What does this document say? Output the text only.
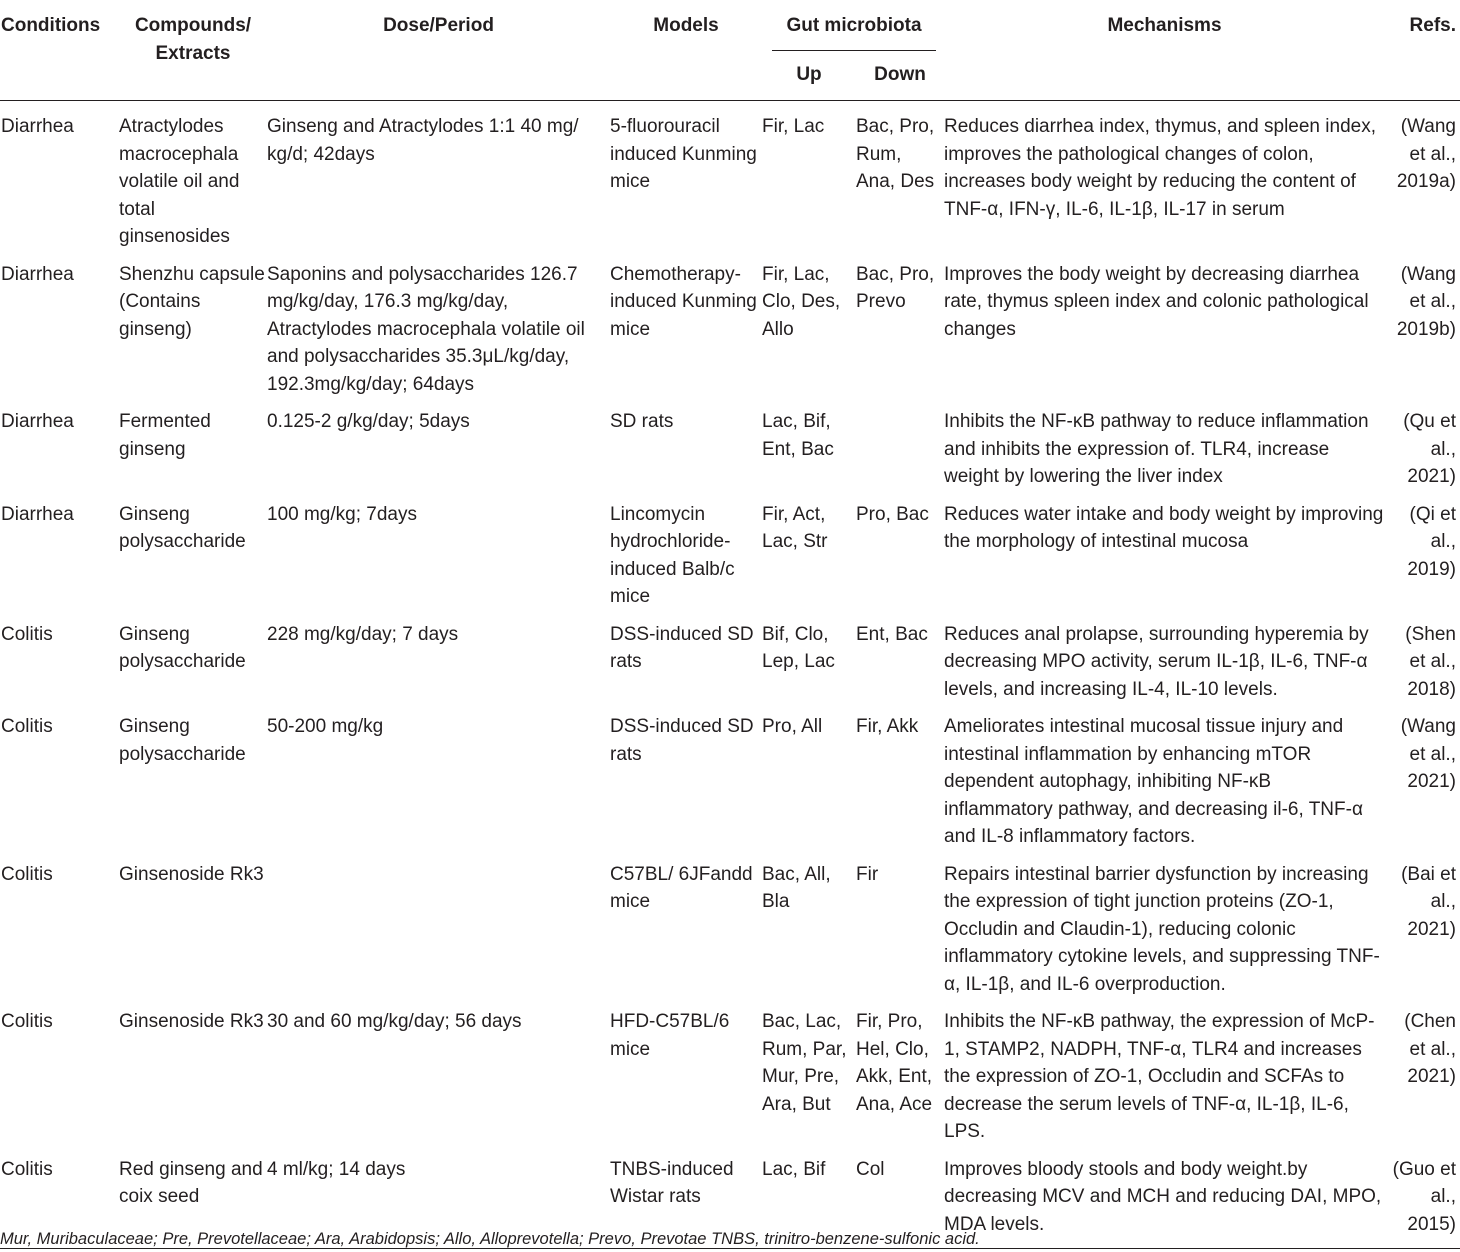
Conditions	Compounds/ Extracts	Dose/Period	Models	Gut microbiota		Mechanisms	Refs.
				Up	Down		
Diarrhea	Atractylodes macrocephala volatile oil and total ginsenosides	Ginseng and Atractylodes 1:1 40 mg/ kg/d; 42days	5-fluorouracil induced Kunming mice	Fir, Lac	Bac, Pro, Rum, Ana, Des	Reduces diarrhea index, thymus, and spleen index, improves the pathological changes of colon, increases body weight by reducing the content of TNF-α, IFN-γ, IL-6, IL-1β, IL-17 in serum	(Wang et al., 2019a)
Diarrhea	Shenzhu capsule (Contains ginseng)	Saponins and polysaccharides 126.7 mg/kg/day, 176.3 mg/kg/day, Atractylodes macrocephala volatile oil and polysaccharides 35.3μL/kg/day, 192.3mg/kg/day; 64days	Chemotherapy-induced Kunming mice	Fir, Lac, Clo, Des, Allo	Bac, Pro, Prevo	Improves the body weight by decreasing diarrhea rate, thymus spleen index and colonic pathological changes	(Wang et al., 2019b)
Diarrhea	Fermented ginseng	0.125-2 g/kg/day; 5days	SD rats	Lac, Bif, Ent, Bac		Inhibits the NF-κB pathway to reduce inflammation and inhibits the expression of. TLR4, increase weight by lowering the liver index	(Qu et al., 2021)
Diarrhea	Ginseng polysaccharide	100 mg/kg; 7days	Lincomycin hydrochloride-induced Balb/c mice	Fir, Act, Lac, Str	Pro, Bac	Reduces water intake and body weight by improving the morphology of intestinal mucosa	(Qi et al., 2019)
Colitis	Ginseng polysaccharide	228 mg/kg/day; 7 days	DSS-induced SD rats	Bif, Clo, Lep, Lac	Ent, Bac	Reduces anal prolapse, surrounding hyperemia by decreasing MPO activity, serum IL-1β, IL-6, TNF-α levels, and increasing IL-4, IL-10 levels.	(Shen et al., 2018)
Colitis	Ginseng polysaccharide	50-200 mg/kg	DSS-induced SD rats	Pro, All	Fir, Akk	Ameliorates intestinal mucosal tissue injury and intestinal inflammation by enhancing mTOR dependent autophagy, inhibiting NF-κB inflammatory pathway, and decreasing il-6, TNF-α and IL-8 inflammatory factors.	(Wang et al., 2021)
Colitis	Ginsenoside Rk3		C57BL/ 6JFandd mice	Bac, All, Bla	Fir	Repairs intestinal barrier dysfunction by increasing the expression of tight junction proteins (ZO-1, Occludin and Claudin-1), reducing colonic inflammatory cytokine levels, and suppressing TNF-α, IL-1β, and IL-6 overproduction.	(Bai et al., 2021)
Colitis	Ginsenoside Rk3	30 and 60 mg/kg/day; 56 days	HFD-C57BL/6 mice	Bac, Lac, Rum, Par, Mur, Pre, Ara, But	Fir, Pro, Hel, Clo, Akk, Ent, Ana, Ace	Inhibits the NF-κB pathway, the expression of McP-1, STAMP2, NADPH, TNF-α, TLR4 and increases the expression of ZO-1, Occludin and SCFAs to decrease the serum levels of TNF-α, IL-1β, IL-6, LPS.	(Chen et al., 2021)
Colitis	Red ginseng and coix seed	4 ml/kg; 14 days	TNBS-induced Wistar rats	Lac, Bif	Col	Improves bloody stools and body weight.by decreasing MCV and MCH and reducing DAI, MPO, MDA levels.	(Guo et al., 2015)
Mur, Muribaculaceae; Pre, Prevotellaceae; Ara, Arabidopsis; Allo, Alloprevotella; Prevo, Prevotae TNBS, trinitro-benzene-sulfonic acid.
